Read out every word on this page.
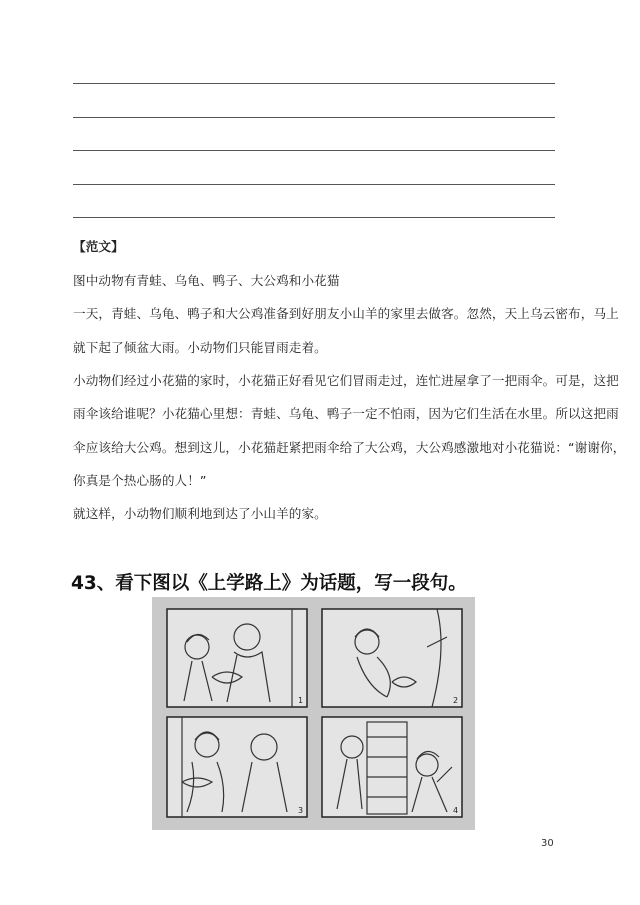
【范文】
图中动物有青蛙、乌龟、鸭子、大公鸡和小花猫
一天，青蛙、乌龟、鸭子和大公鸡准备到好朋友小山羊的家里去做客。忽然，天上乌云密布，马上
就下起了倾盆大雨。小动物们只能冒雨走着。
小动物们经过小花猫的家时，小花猫正好看见它们冒雨走过，连忙进屋拿了一把雨伞。可是，这把
雨伞该给谁呢？小花猫心里想：青蛙、乌龟、鸭子一定不怕雨，因为它们生活在水里。所以这把雨
伞应该给大公鸡。想到这儿，小花猫赶紧把雨伞给了大公鸡，大公鸡感激地对小花猫说：“谢谢你，
你真是个热心肠的人！”
就这样，小动物们顺利地到达了小山羊的家。
43、看下图以《上学路上》为话题，写一段句。
1	2
3	4
30
